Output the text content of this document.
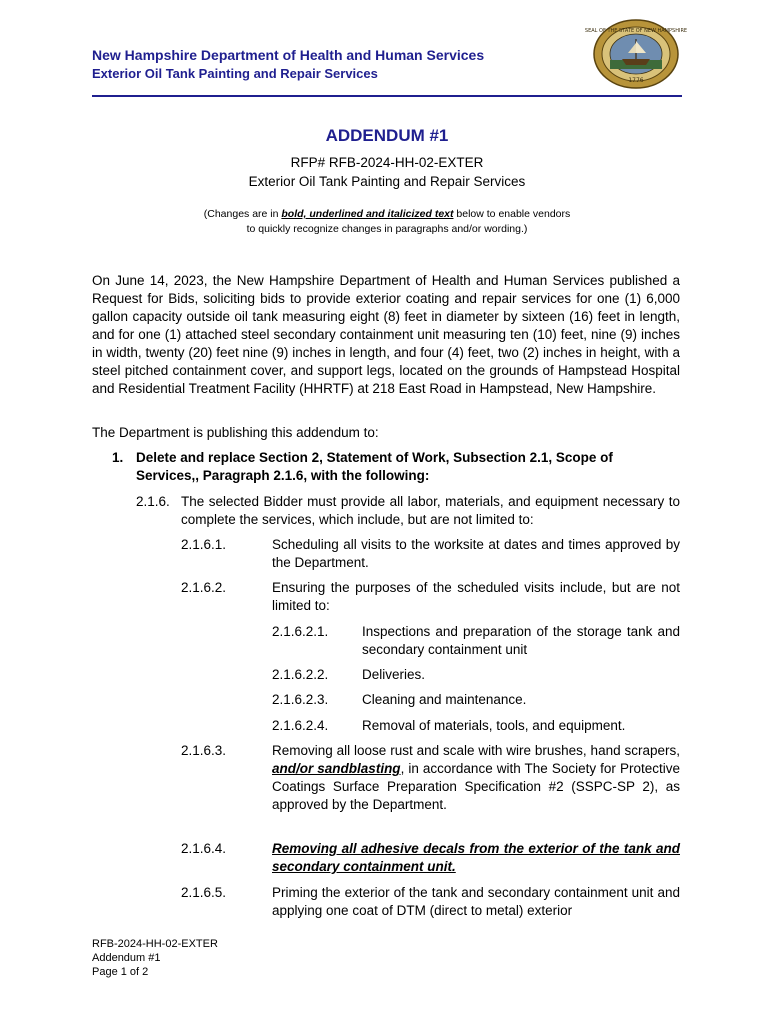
New Hampshire Department of Health and Human Services
Exterior Oil Tank Painting and Repair Services
SEAL OF THE STATE OF NEW HAMPSHIRE
1776
ADDENDUM #1
RFP# RFB-2024-HH-02-EXTER
Exterior Oil Tank Painting and Repair Services
(Changes are in bold, underlined and italicized text below to enable vendors
to quickly recognize changes in paragraphs and/or wording.)
On June 14, 2023, the New Hampshire Department of Health and Human Services published a Request for Bids, soliciting bids to provide exterior coating and repair services for one (1) 6,000 gallon capacity outside oil tank measuring eight (8) feet in diameter by sixteen (16) feet in length, and for one (1) attached steel secondary containment unit measuring ten (10) feet, nine (9) inches in width, twenty (20) feet nine (9) inches in length, and four (4) feet, two (2) inches in height, with a steel pitched containment cover, and support legs, located on the grounds of Hampstead Hospital and Residential Treatment Facility (HHRTF) at 218 East Road in Hampstead, New Hampshire.
The Department is publishing this addendum to:
1. Delete and replace Section 2, Statement of Work, Subsection 2.1, Scope of
Services,, Paragraph 2.1.6, with the following:
2.1.6. The selected Bidder must provide all labor, materials, and equipment necessary to complete the services, which include, but are not limited to:
2.1.6.1.	Scheduling all visits to the worksite at dates and times approved by the Department.
2.1.6.2.	Ensuring the purposes of the scheduled visits include, but are not limited to:
2.1.6.2.1. Inspections and preparation of the storage tank and secondary containment unit
2.1.6.2.2. Deliveries.
2.1.6.2.3. Cleaning and maintenance.
2.1.6.2.4. Removal of materials, tools, and equipment.
2.1.6.3.	Removing all loose rust and scale with wire brushes, hand scrapers, and/or sandblasting, in accordance with The Society for Protective Coatings Surface Preparation Specification #2 (SSPC-SP 2), as approved by the Department.
2.1.6.4.	Removing all adhesive decals from the exterior of the tank and secondary containment unit.
2.1.6.5.	Priming the exterior of the tank and secondary containment unit and applying one coat of DTM (direct to metal) exterior
RFB-2024-HH-02-EXTER
Addendum #1
Page 1 of 2
